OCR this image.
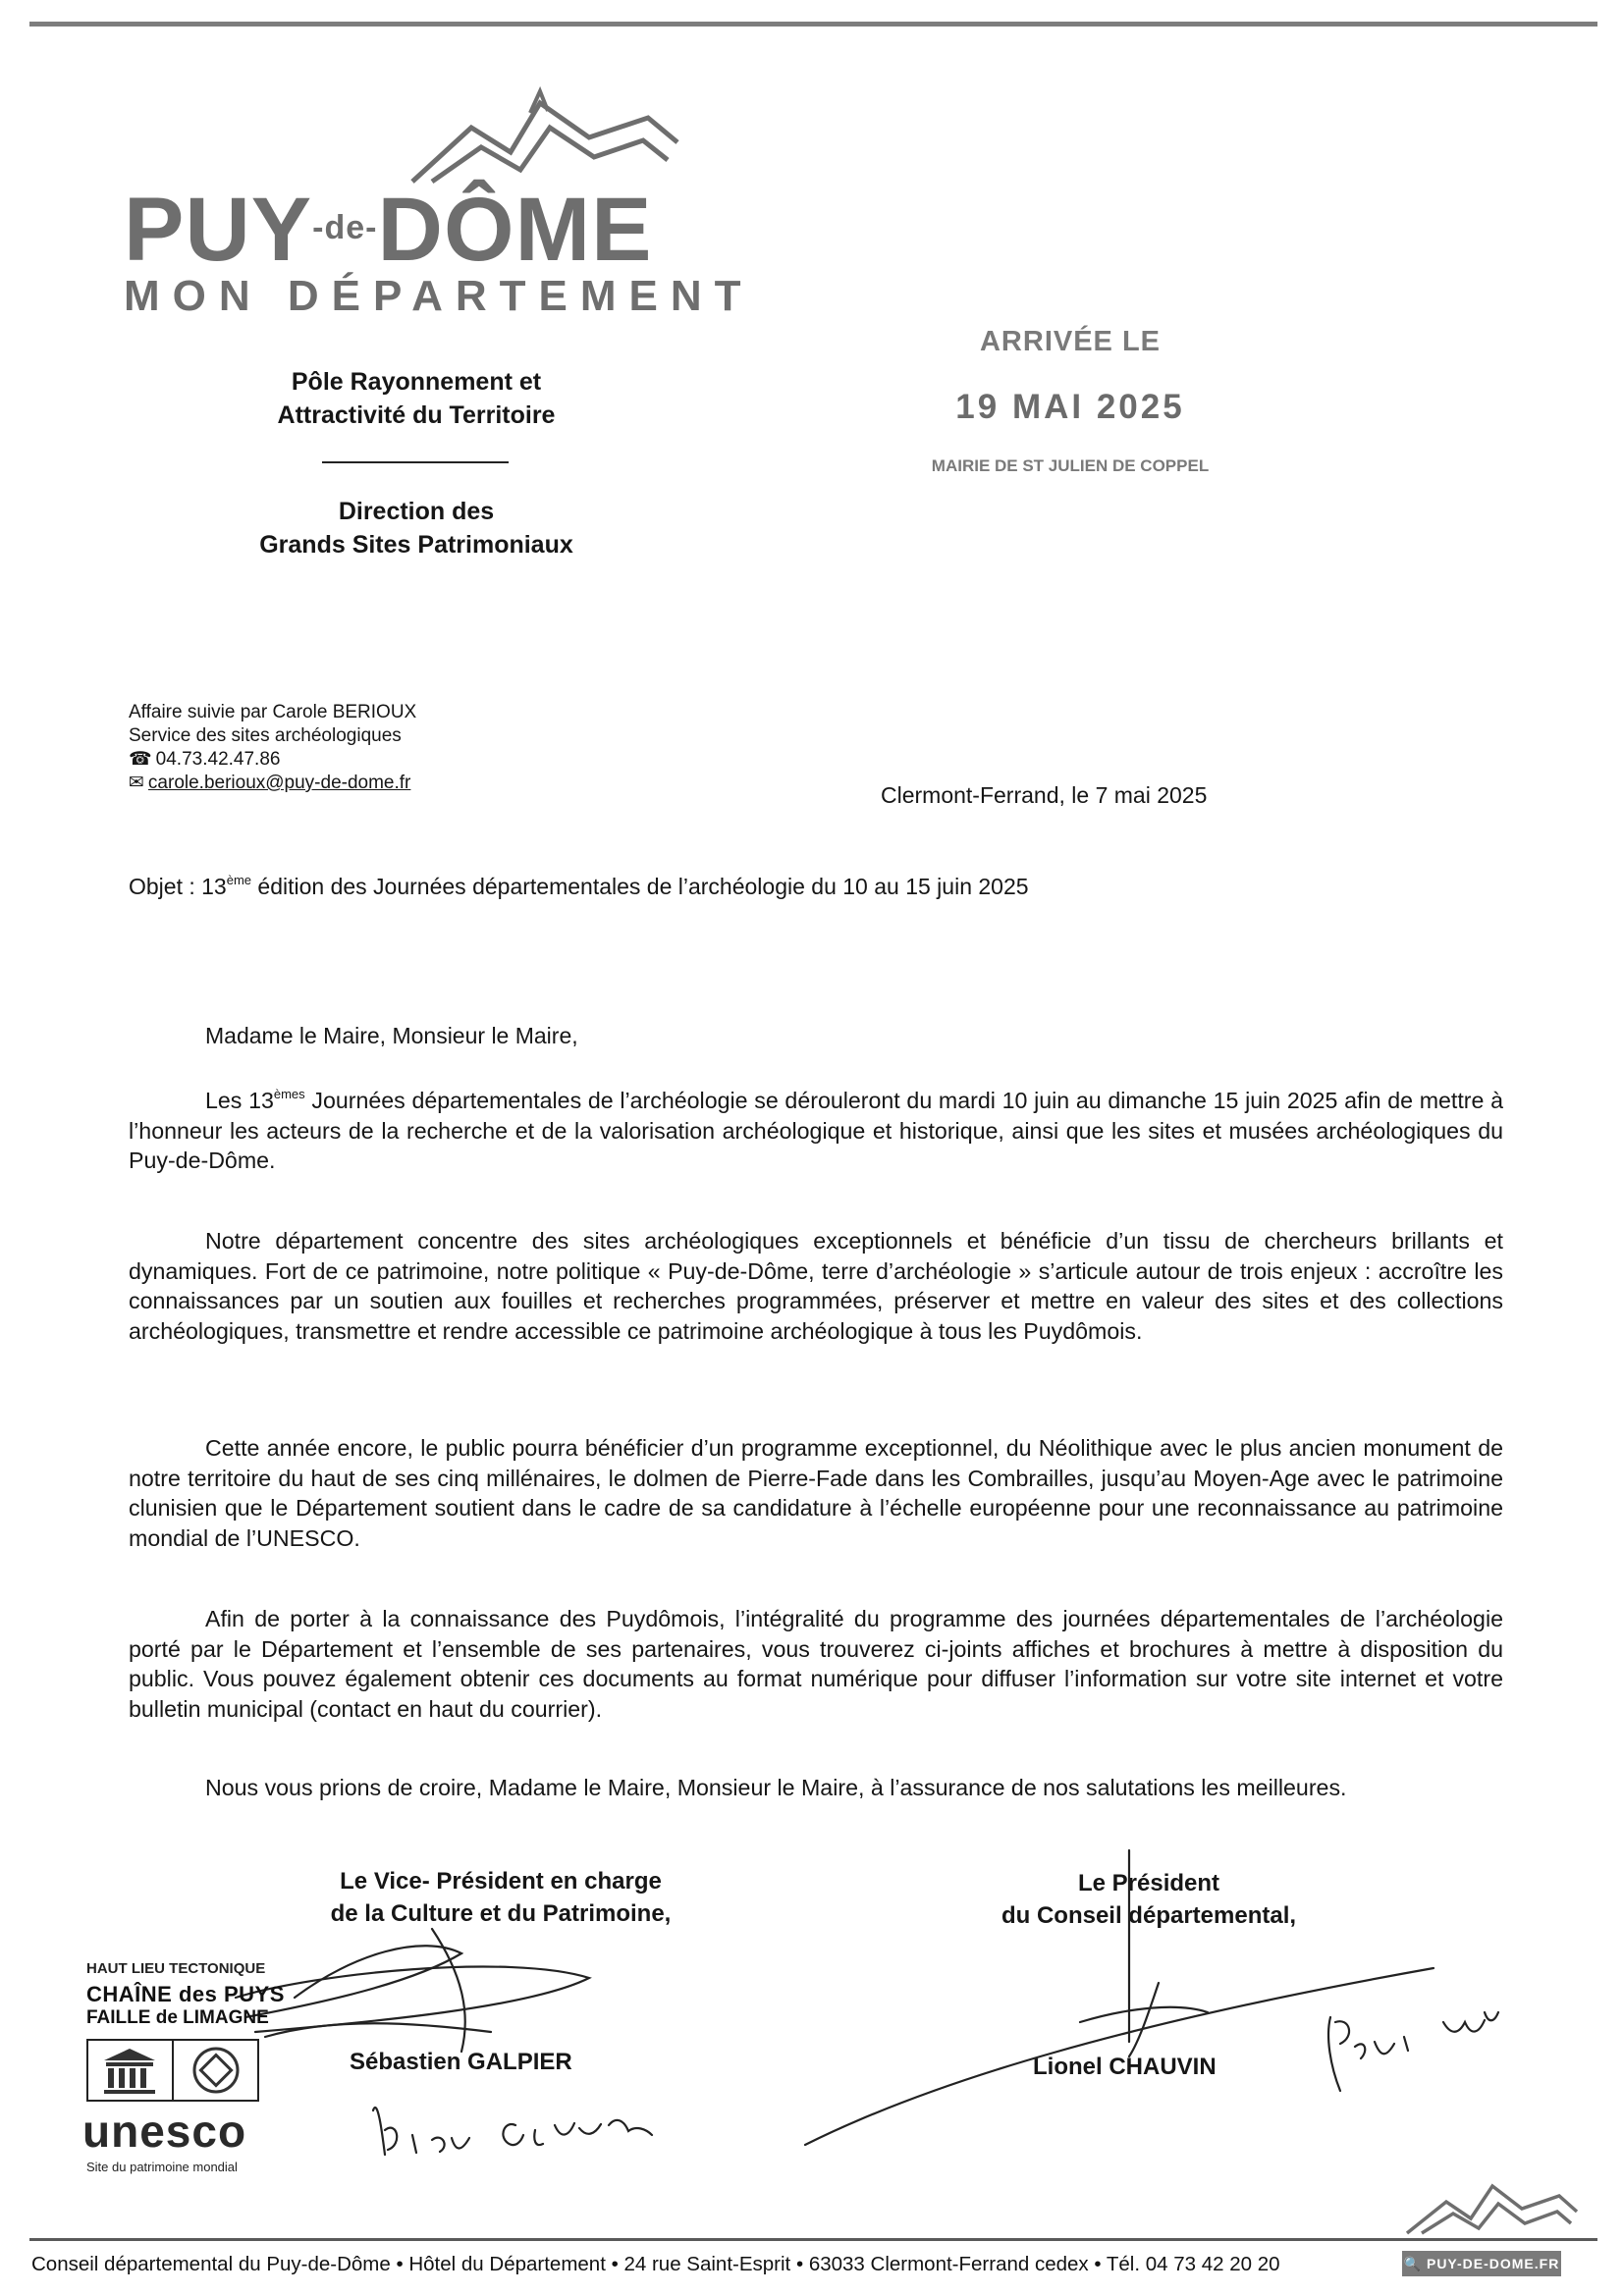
$PUY^{-de-}DÔME$
MON DÉPARTEMENT
Pôle Rayonnement et
Attractivité du Territoire
Direction des
Grands Sites Patrimoniaux
ARRIVÉE LE
19 MAI 2025
MAIRIE DE ST JULIEN DE COPPEL
Affaire suivie par Carole BERIOUX
Service des sites archéologiques
☎ 04.73.42.47.86
✉ carole.berioux@puy-de-dome.fr	Clermont-Ferrand, le 7 mai 2025
Objet : 13ème édition des Journées départementales de l’archéologie du 10 au 15 juin 2025
Madame le Maire, Monsieur le Maire,

Les 13èmes Journées départementales de l’archéologie se dérouleront du mardi 10 juin au dimanche 15 juin 2025 afin de mettre à l’honneur les acteurs de la recherche et de la valorisation archéologique et historique, ainsi que les sites et musées archéologiques du Puy-de-Dôme.

Notre département concentre des sites archéologiques exceptionnels et bénéficie d’un tissu de chercheurs brillants et dynamiques. Fort de ce patrimoine, notre politique « Puy-de-Dôme, terre d’archéologie » s’articule autour de trois enjeux : accroître les connaissances par un soutien aux fouilles et recherches programmées, préserver et mettre en valeur des sites et des collections archéologiques, transmettre et rendre accessible ce patrimoine archéologique à tous les Puydômois.

Cette année encore, le public pourra bénéficier d’un programme exceptionnel, du Néolithique avec le plus ancien monument de notre territoire du haut de ses cinq millénaires, le dolmen de Pierre-Fade dans les Combrailles, jusqu’au Moyen-Age avec le patrimoine clunisien que le Département soutient dans le cadre de sa candidature à l’échelle européenne pour une reconnaissance au patrimoine mondial de l’UNESCO.

Afin de porter à la connaissance des Puydômois, l’intégralité du programme des journées départementales de l’archéologie porté par le Département et l’ensemble de ses partenaires, vous trouverez ci-joints affiches et brochures à mettre à disposition du public. Vous pouvez également obtenir ces documents au format numérique pour diffuser l’information sur votre site internet et votre bulletin municipal (contact en haut du courrier).

Nous vous prions de croire, Madame le Maire, Monsieur le Maire, à l’assurance de nos salutations les meilleures.

Le Vice- Président en charge
de la Culture et du Patrimoine,
Le Président
du Conseil départemental,
Sébastien GALPIER	Lionel CHAUVIN
HAUT LIEU TECTONIQUE
CHAÎNE des PUYS
FAILLE de LIMAGNE
unesco
Site du patrimoine mondial
Conseil départemental du Puy-de-Dôme • Hôtel du Département • 24 rue Saint-Esprit • 63033 Clermont-Ferrand cedex • Tél. 04 73 42 20 20	🔍 PUY-DE-DOME.FR
